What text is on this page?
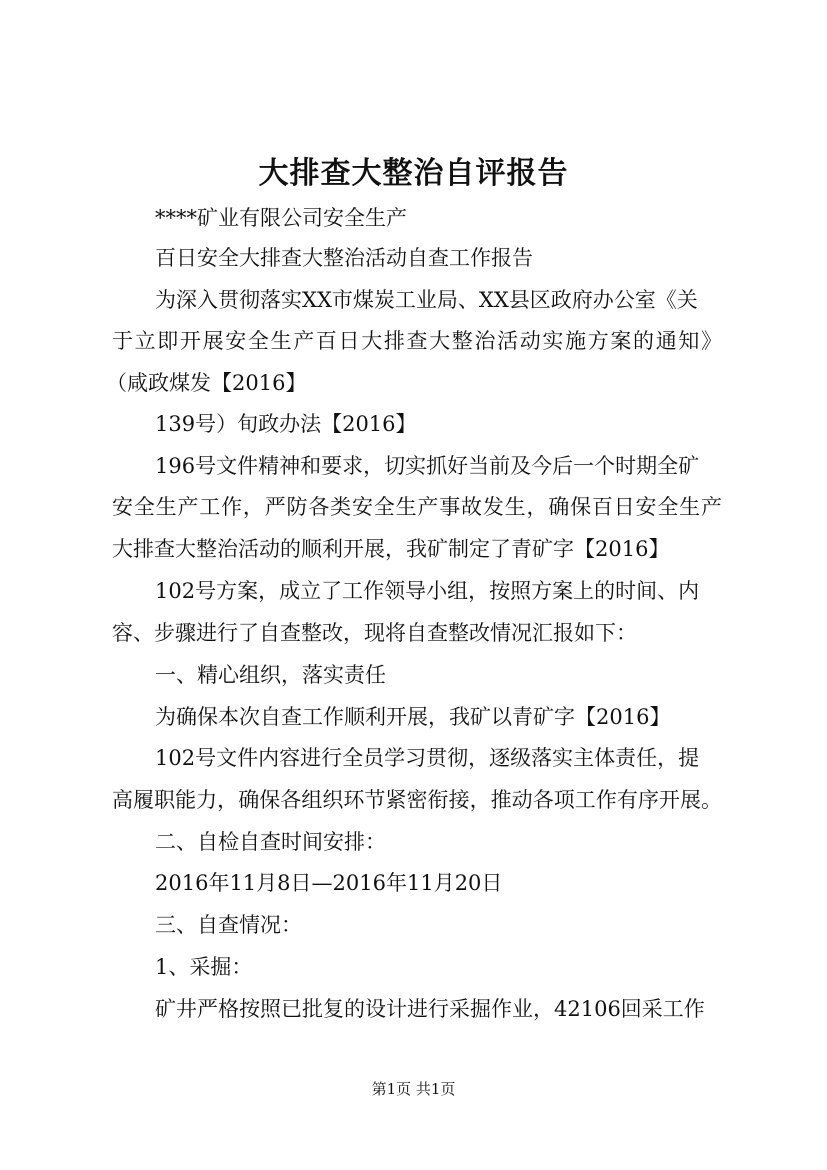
大排查大整治自评报告
****矿业有限公司安全生产
百日安全大排查大整治活动自查工作报告
为深入贯彻落实XX市煤炭工业局、XX县区政府办公室《关
于立即开展安全生产百日大排查大整治活动实施方案的通知》
（咸政煤发【2016】
139号）旬政办法【2016】
196号文件精神和要求，切实抓好当前及今后一个时期全矿
安全生产工作，严防各类安全生产事故发生，确保百日安全生产
大排查大整治活动的顺利开展，我矿制定了青矿字【2016】
102号方案，成立了工作领导小组，按照方案上的时间、内
容、步骤进行了自查整改，现将自查整改情况汇报如下：
一、精心组织，落实责任
为确保本次自查工作顺利开展，我矿以青矿字【2016】
102号文件内容进行全员学习贯彻，逐级落实主体责任，提
高履职能力，确保各组织环节紧密衔接，推动各项工作有序开展。
二、自检自查时间安排：
2016年11月8日—2016年11月20日
三、自查情况：
1、采掘：
矿井严格按照已批复的设计进行采掘作业，42106回采工作
第1页 共1页
